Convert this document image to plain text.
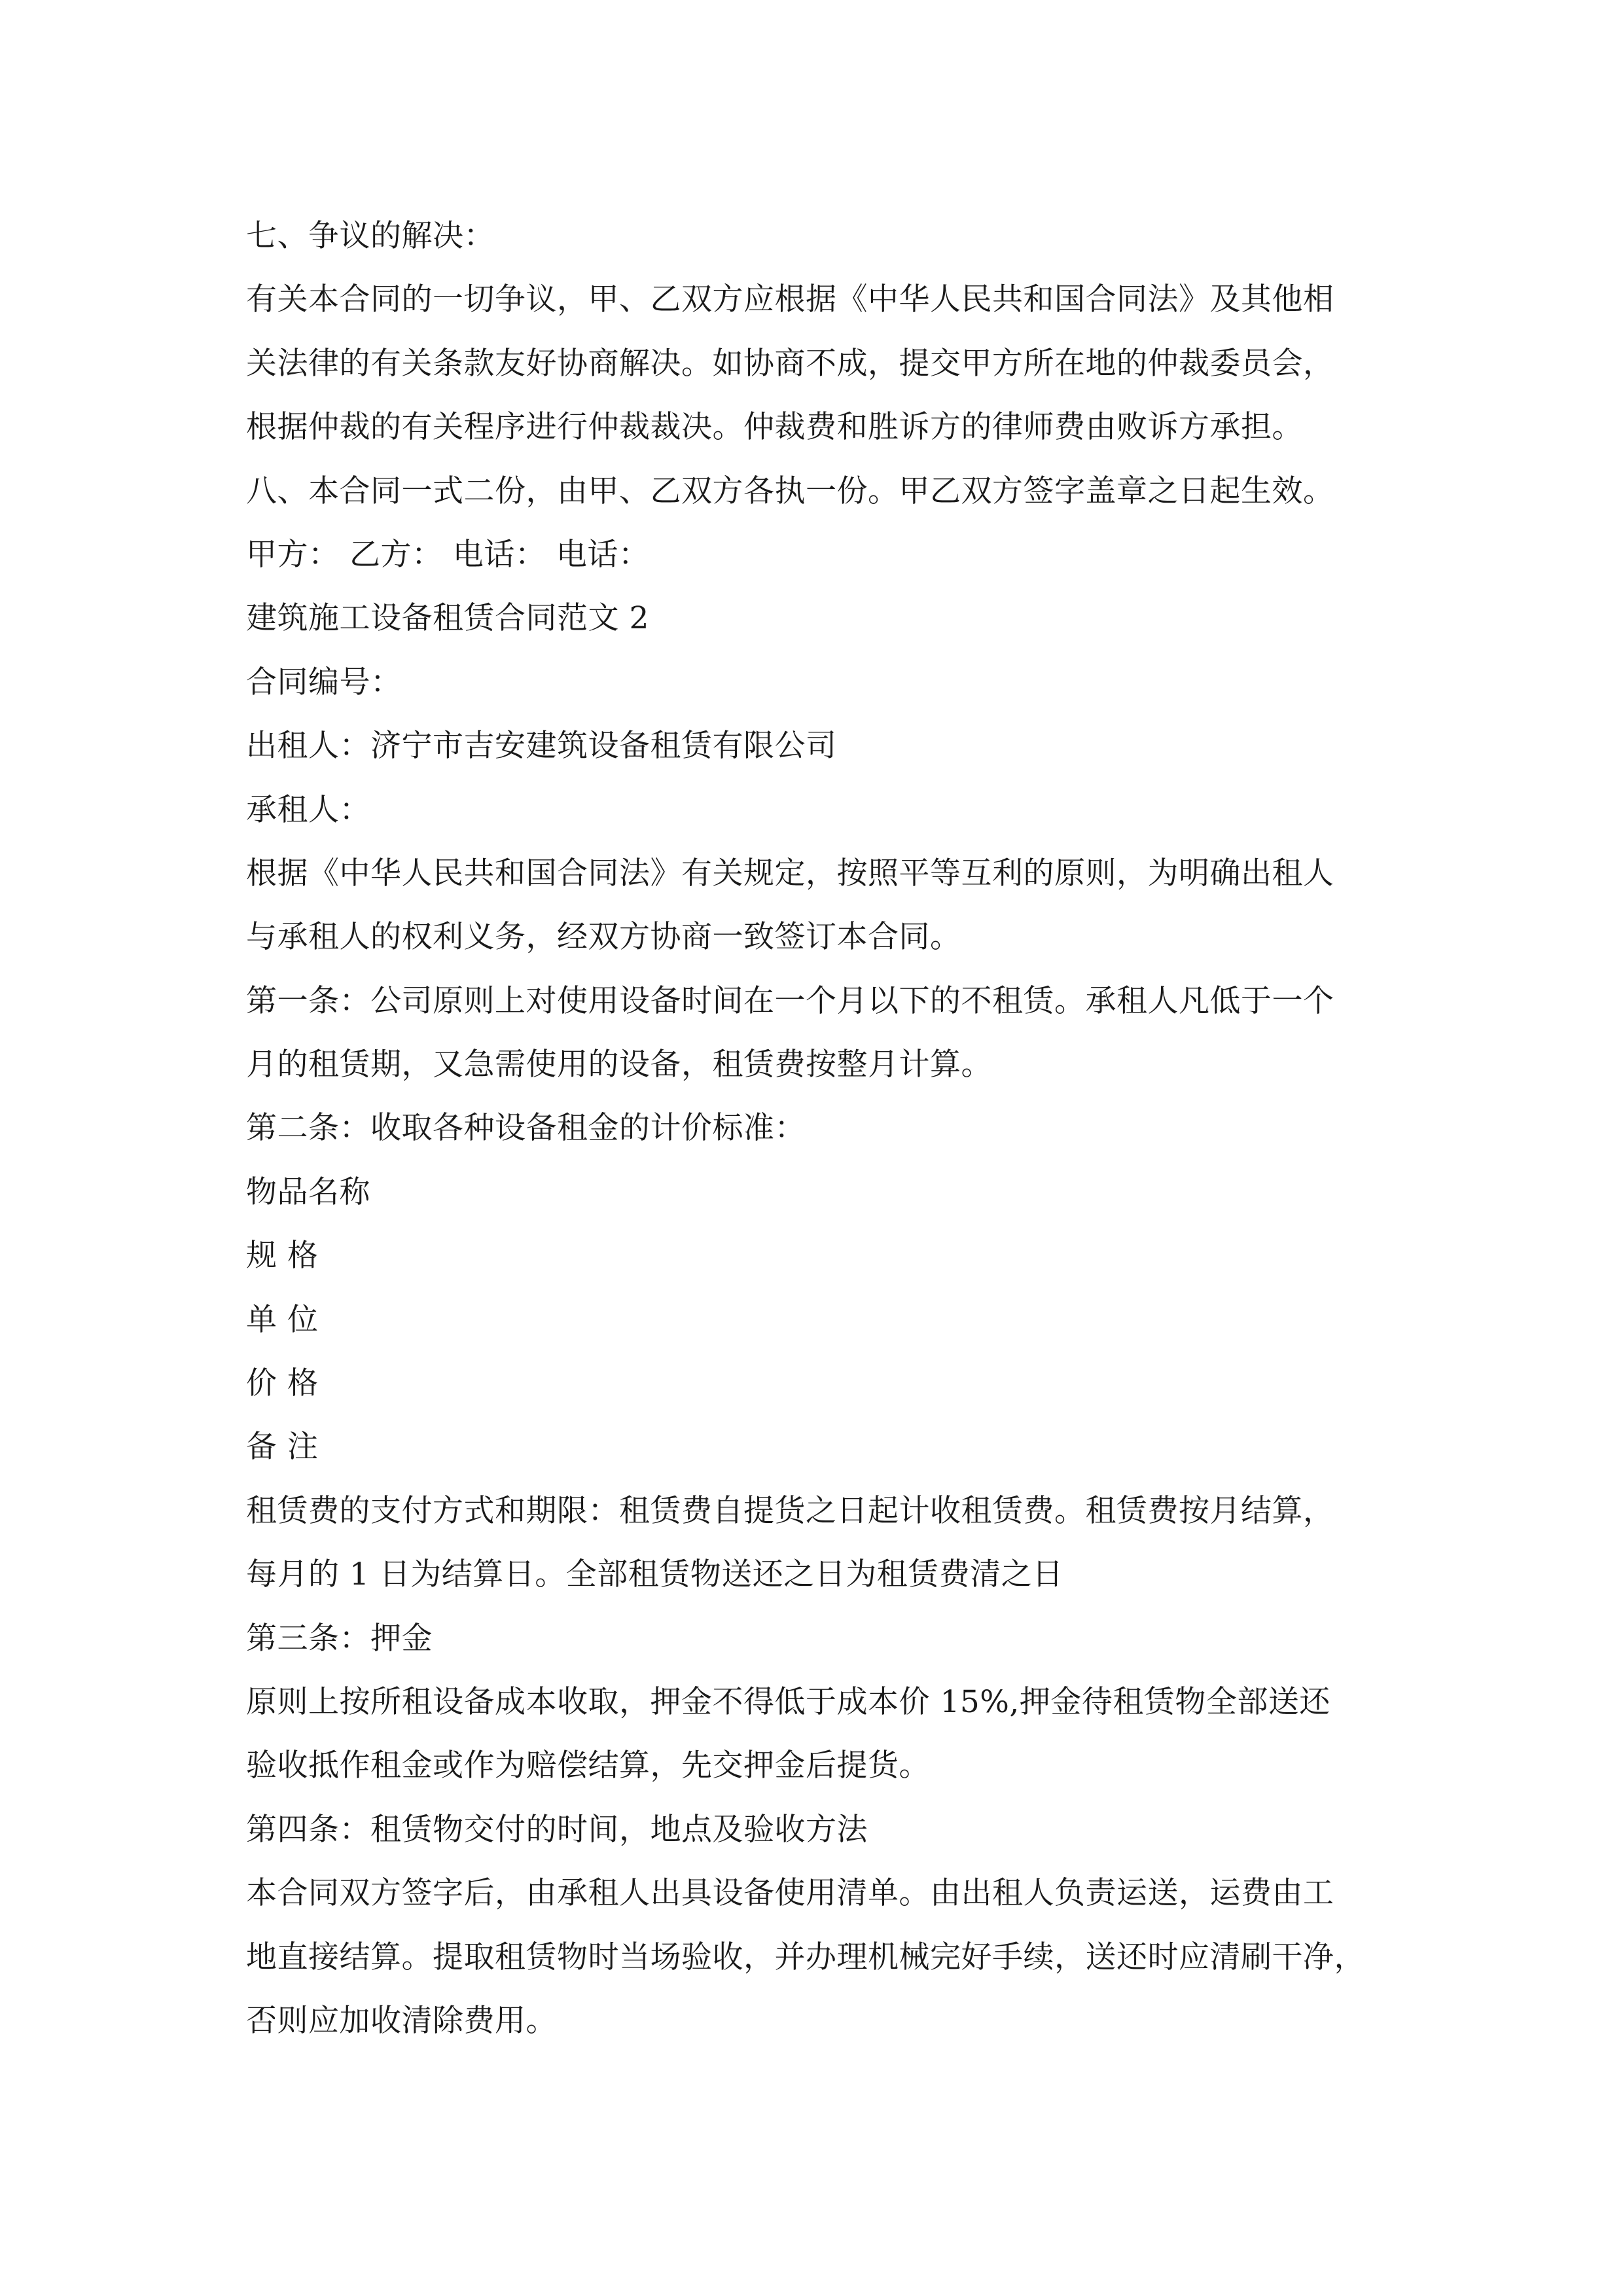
七、争议的解决：
有关本合同的一切争议，甲、乙双方应根据《中华人民共和国合同法》及其他相
关法律的有关条款友好协商解决。如协商不成，提交甲方所在地的仲裁委员会，
根据仲裁的有关程序进行仲裁裁决。仲裁费和胜诉方的律师费由败诉方承担。
八、本合同一式二份，由甲、乙双方各执一份。甲乙双方签字盖章之日起生效。
甲方： 乙方： 电话： 电话：
建筑施工设备租赁合同范文 2
合同编号：
出租人：济宁市吉安建筑设备租赁有限公司
承租人：
根据《中华人民共和国合同法》有关规定，按照平等互利的原则，为明确出租人
与承租人的权利义务，经双方协商一致签订本合同。
第一条：公司原则上对使用设备时间在一个月以下的不租赁。承租人凡低于一个
月的租赁期，又急需使用的设备，租赁费按整月计算。
第二条：收取各种设备租金的计价标准：
物品名称
规 格
单 位
价 格
备 注
租赁费的支付方式和期限：租赁费自提货之日起计收租赁费。租赁费按月结算，
每月的 1 日为结算日。全部租赁物送还之日为租赁费清之日
第三条：押金
原则上按所租设备成本收取，押金不得低于成本价 15%,押金待租赁物全部送还
验收抵作租金或作为赔偿结算，先交押金后提货。
第四条：租赁物交付的时间，地点及验收方法
本合同双方签字后，由承租人出具设备使用清单。由出租人负责运送，运费由工
地直接结算。提取租赁物时当场验收，并办理机械完好手续，送还时应清刷干净，
否则应加收清除费用。
